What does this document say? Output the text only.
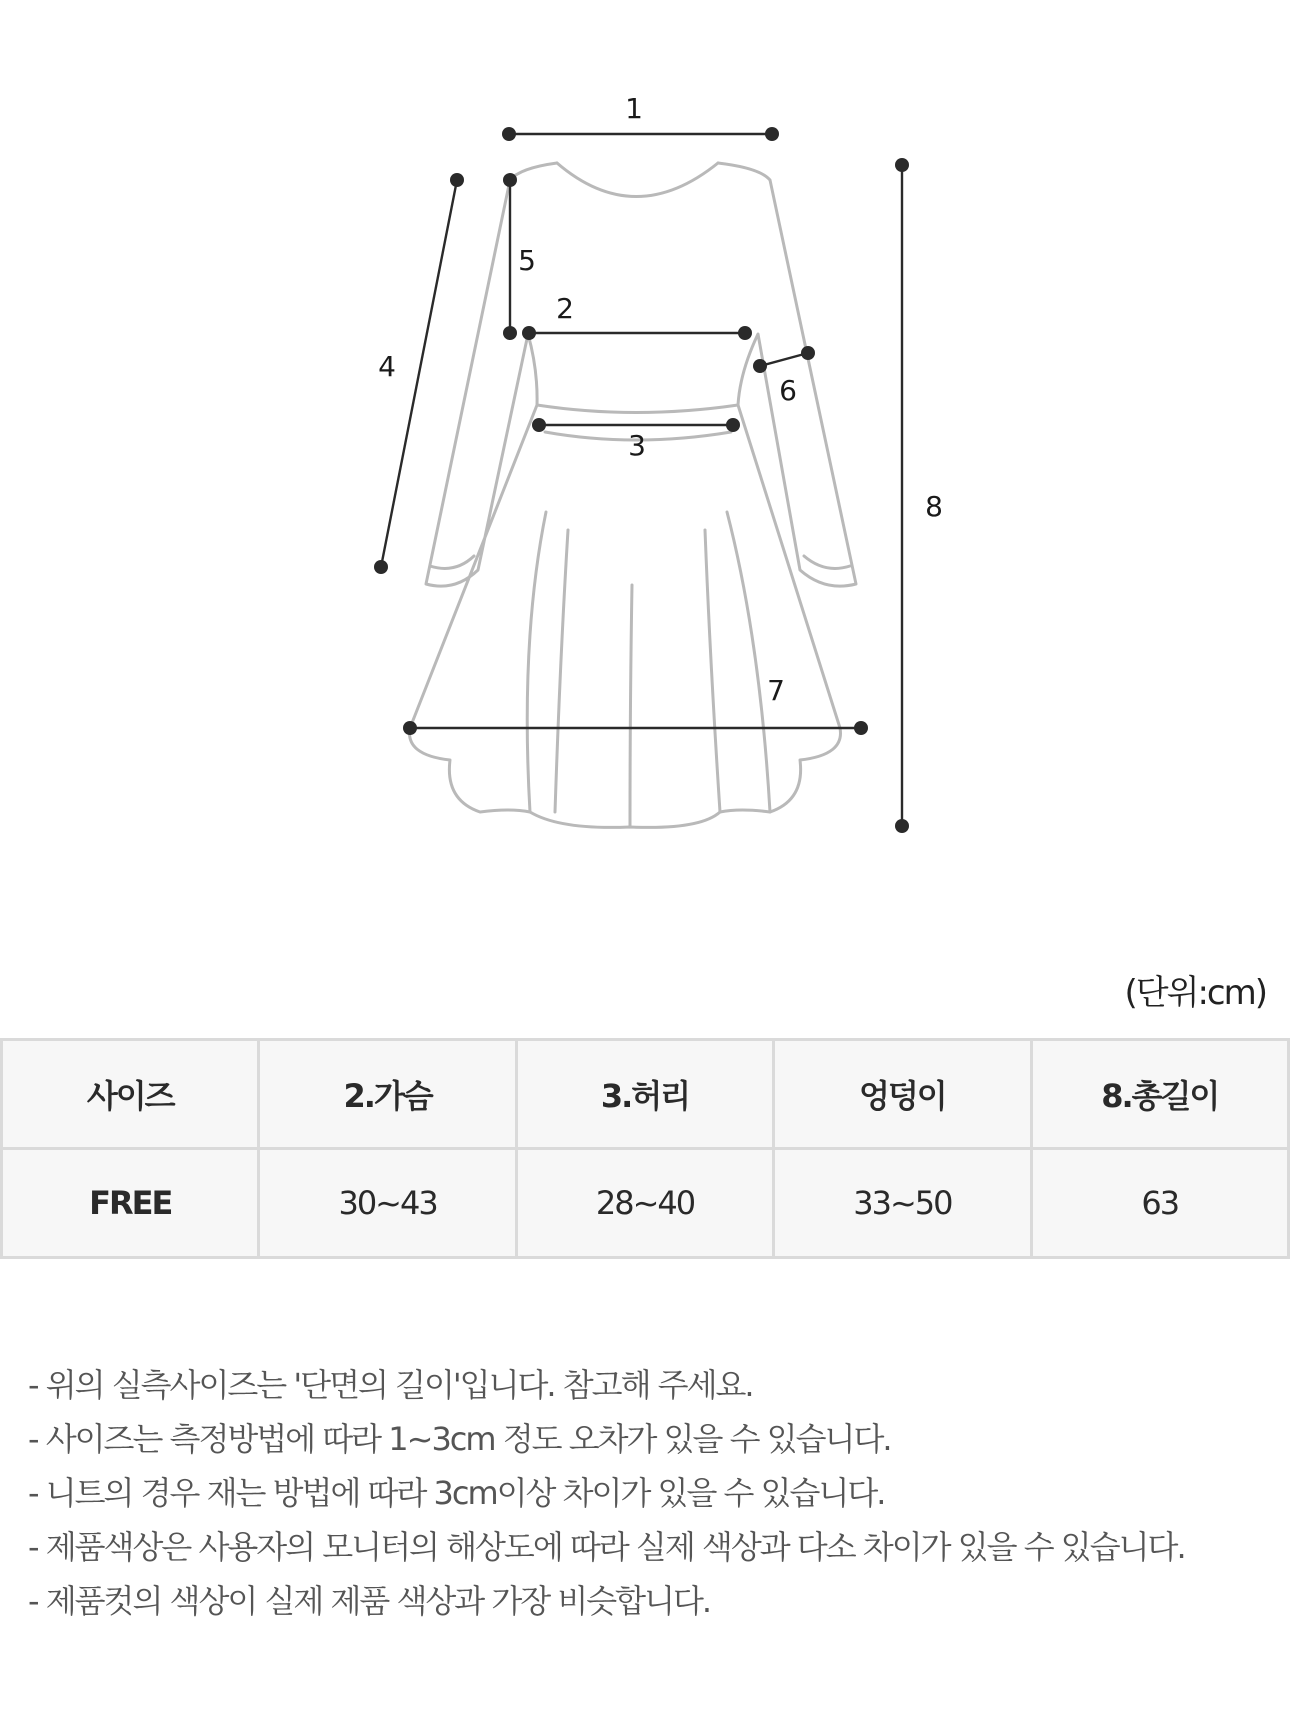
1
2
3
4
5
6
7
8
(단위:cm)
사이즈	2.가슴	3.허리	엉덩이	8.총길이
FREE	30~43	28~40	33~50	63
- 위의 실측사이즈는 '단면의 길이'입니다. 참고해 주세요.
- 사이즈는 측정방법에 따라 1~3cm 정도 오차가 있을 수 있습니다.
- 니트의 경우 재는 방법에 따라 3cm이상 차이가 있을 수 있습니다.
- 제품색상은 사용자의 모니터의 해상도에 따라 실제 색상과 다소 차이가 있을 수 있습니다.
- 제품컷의 색상이 실제 제품 색상과 가장 비슷합니다.
